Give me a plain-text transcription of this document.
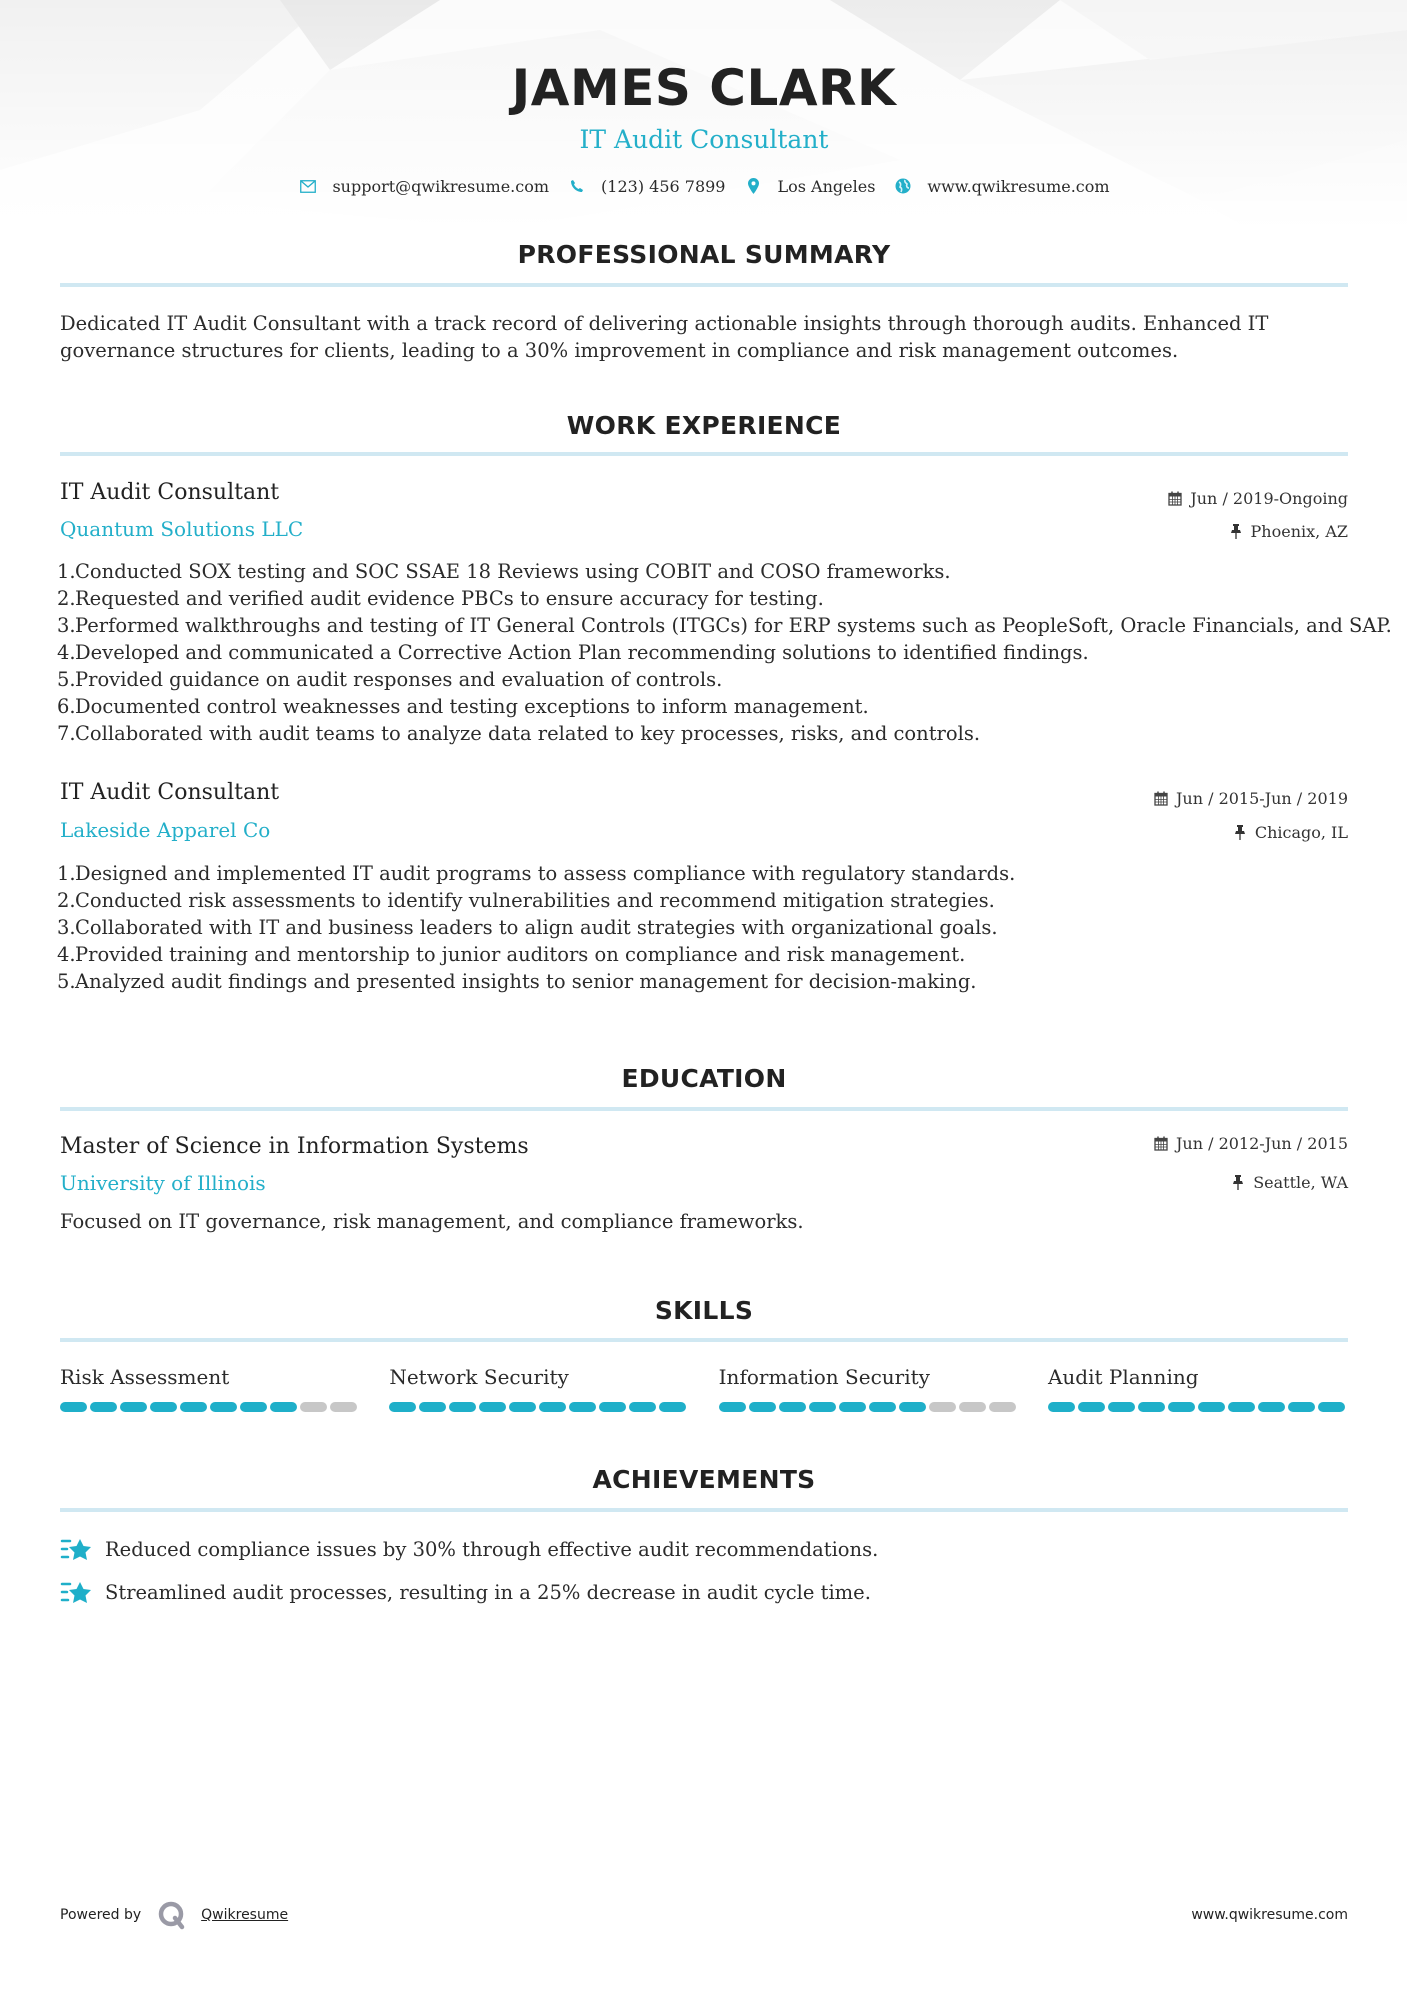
JAMES CLARK
IT Audit Consultant
support@qwikresume.com	(123) 456 7899	Los Angeles	www.qwikresume.com
PROFESSIONAL SUMMARY
Dedicated IT Audit Consultant with a track record of delivering actionable insights through thorough audits. Enhanced IT governance structures for clients, leading to a 30% improvement in compliance and risk management outcomes.
WORK EXPERIENCE
IT Audit Consultant	Jun / 2019-Ongoing
Quantum Solutions LLC	Phoenix, AZ
1.Conducted SOX testing and SOC SSAE 18 Reviews using COBIT and COSO frameworks.
2.Requested and verified audit evidence PBCs to ensure accuracy for testing.
3.Performed walkthroughs and testing of IT General Controls (ITGCs) for ERP systems such as PeopleSoft, Oracle Financials, and SAP.
4.Developed and communicated a Corrective Action Plan recommending solutions to identified findings.
5.Provided guidance on audit responses and evaluation of controls.
6.Documented control weaknesses and testing exceptions to inform management.
7.Collaborated with audit teams to analyze data related to key processes, risks, and controls.
IT Audit Consultant	Jun / 2015-Jun / 2019
Lakeside Apparel Co	Chicago, IL
1.Designed and implemented IT audit programs to assess compliance with regulatory standards.
2.Conducted risk assessments to identify vulnerabilities and recommend mitigation strategies.
3.Collaborated with IT and business leaders to align audit strategies with organizational goals.
4.Provided training and mentorship to junior auditors on compliance and risk management.
5.Analyzed audit findings and presented insights to senior management for decision-making.
EDUCATION
Master of Science in Information Systems	Jun / 2012-Jun / 2015
University of Illinois	Seattle, WA
Focused on IT governance, risk management, and compliance frameworks.
SKILLS
Risk Assessment	Network Security	Information Security	Audit Planning
ACHIEVEMENTS
Reduced compliance issues by 30% through effective audit recommendations.
Streamlined audit processes, resulting in a 25% decrease in audit cycle time.
Powered by	Qwikresume	www.qwikresume.com
